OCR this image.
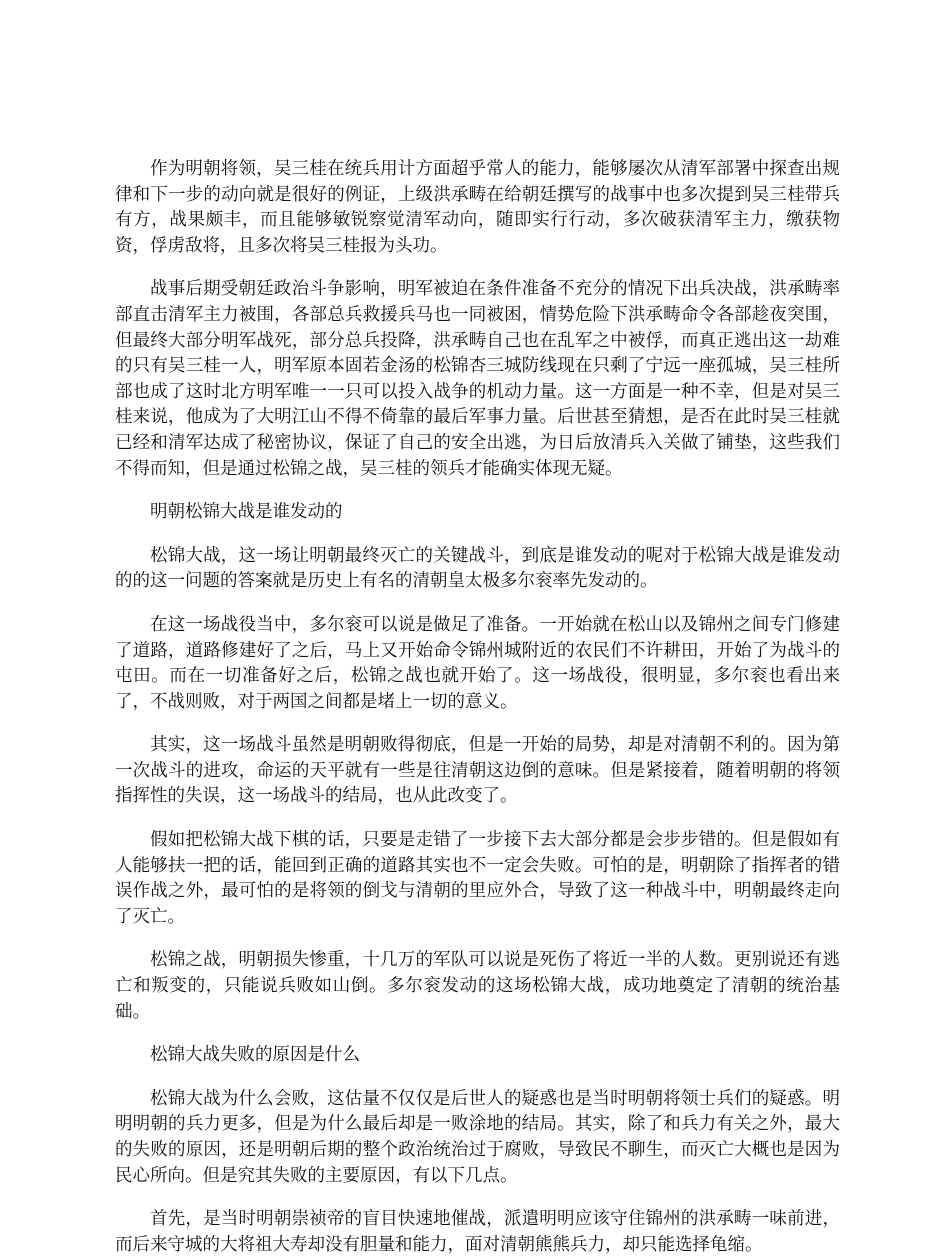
作为明朝将领，吴三桂在统兵用计方面超乎常人的能力，能够屡次从清军部署中探查出规律和下一步的动向就是很好的例证，上级洪承畴在给朝廷撰写的战事中也多次提到吴三桂带兵有方，战果颇丰，而且能够敏锐察觉清军动向，随即实行行动，多次破获清军主力，缴获物资，俘虏敌将，且多次将吴三桂报为头功。

战事后期受朝廷政治斗争影响，明军被迫在条件准备不充分的情况下出兵决战，洪承畴率部直击清军主力被围，各部总兵救援兵马也一同被困，情势危险下洪承畴命令各部趁夜突围，但最终大部分明军战死，部分总兵投降，洪承畴自己也在乱军之中被俘，而真正逃出这一劫难的只有吴三桂一人，明军原本固若金汤的松锦杏三城防线现在只剩了宁远一座孤城，吴三桂所部也成了这时北方明军唯一一只可以投入战争的机动力量。这一方面是一种不幸，但是对吴三桂来说，他成为了大明江山不得不倚靠的最后军事力量。后世甚至猜想，是否在此时吴三桂就已经和清军达成了秘密协议，保证了自己的安全出逃，为日后放清兵入关做了铺垫，这些我们不得而知，但是通过松锦之战，吴三桂的领兵才能确实体现无疑。

明朝松锦大战是谁发动的

松锦大战，这一场让明朝最终灭亡的关键战斗，到底是谁发动的呢对于松锦大战是谁发动的的这一问题的答案就是历史上有名的清朝皇太极多尔衮率先发动的。

在这一场战役当中，多尔衮可以说是做足了准备。一开始就在松山以及锦州之间专门修建了道路，道路修建好了之后，马上又开始命令锦州城附近的农民们不许耕田，开始了为战斗的屯田。而在一切准备好之后，松锦之战也就开始了。这一场战役，很明显，多尔衮也看出来了，不战则败，对于两国之间都是堵上一切的意义。

其实，这一场战斗虽然是明朝败得彻底，但是一开始的局势，却是对清朝不利的。因为第一次战斗的进攻，命运的天平就有一些是往清朝这边倒的意味。但是紧接着，随着明朝的将领指挥性的失误，这一场战斗的结局，也从此改变了。

假如把松锦大战下棋的话，只要是走错了一步接下去大部分都是会步步错的。但是假如有人能够扶一把的话，能回到正确的道路其实也不一定会失败。可怕的是，明朝除了指挥者的错误作战之外，最可怕的是将领的倒戈与清朝的里应外合，导致了这一种战斗中，明朝最终走向了灭亡。

松锦之战，明朝损失惨重，十几万的军队可以说是死伤了将近一半的人数。更别说还有逃亡和叛变的，只能说兵败如山倒。多尔衮发动的这场松锦大战，成功地奠定了清朝的统治基础。

松锦大战失败的原因是什么

松锦大战为什么会败，这估量不仅仅是后世人的疑惑也是当时明朝将领士兵们的疑惑。明明明朝的兵力更多，但是为什么最后却是一败涂地的结局。其实，除了和兵力有关之外，最大的失败的原因，还是明朝后期的整个政治统治过于腐败，导致民不聊生，而灭亡大概也是因为民心所向。但是究其失败的主要原因，有以下几点。

首先，是当时明朝崇祯帝的盲目快速地催战，派遣明明应该守住锦州的洪承畴一味前进，而后来守城的大将祖大寿却没有胆量和能力，面对清朝熊熊兵力，却只能选择龟缩。
